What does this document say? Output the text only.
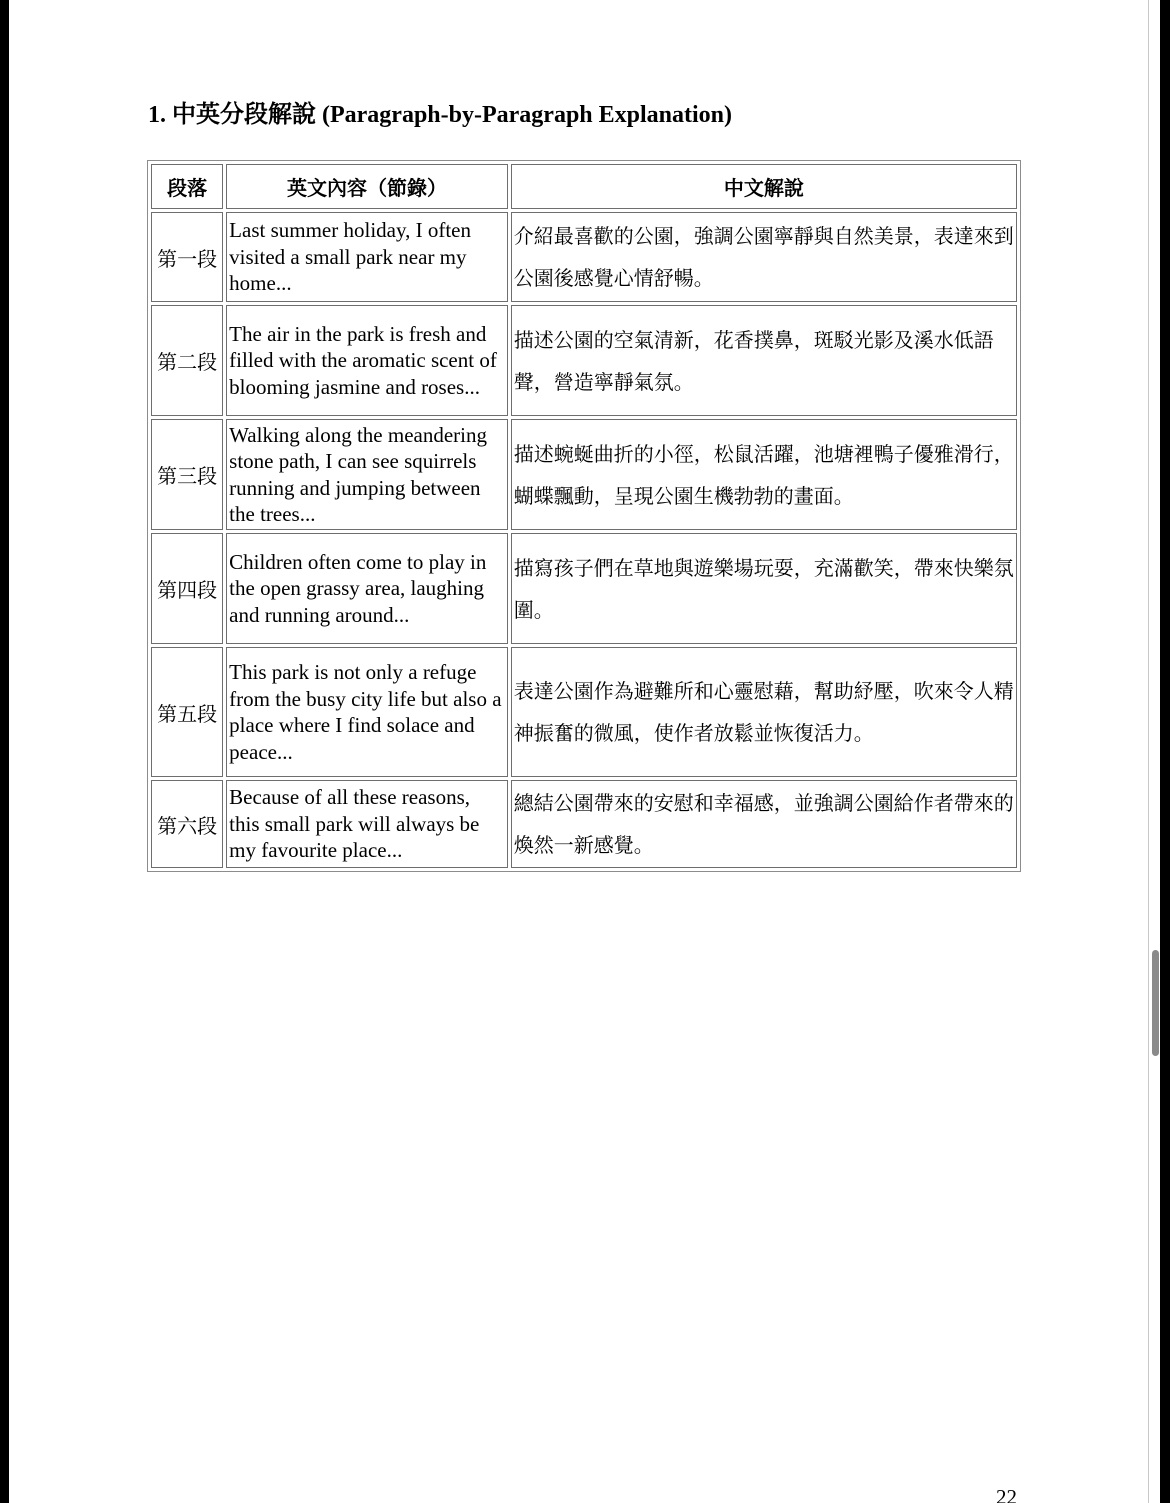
1. 中英分段解說 (Paragraph-by-Paragraph Explanation)
段落	英文內容（節錄）	中文解說
第一段	Last summer holiday, I often visited a small park near my home...	介紹最喜歡的公園，強調公園寧靜與自然美景，表達來到公園後感覺心情舒暢。
第二段	The air in the park is fresh and filled with the aromatic scent of blooming jasmine and roses...	描述公園的空氣清新，花香撲鼻，斑駁光影及溪水低語聲，營造寧靜氣氛。
第三段	Walking along the meandering stone path, I can see squirrels running and jumping between the trees...	描述蜿蜒曲折的小徑，松鼠活躍，池塘裡鴨子優雅滑行，蝴蝶飄動，呈現公園生機勃勃的畫面。
第四段	Children often come to play in the open grassy area, laughing and running around...	描寫孩子們在草地與遊樂場玩耍，充滿歡笑，帶來快樂氛圍。
第五段	This park is not only a refuge from the busy city life but also a place where I find solace and peace...	表達公園作為避難所和心靈慰藉，幫助紓壓，吹來令人精神振奮的微風，使作者放鬆並恢復活力。
第六段	Because of all these reasons, this small park will always be my favourite place...	總結公園帶來的安慰和幸福感，並強調公園給作者帶來的煥然一新感覺。
22
